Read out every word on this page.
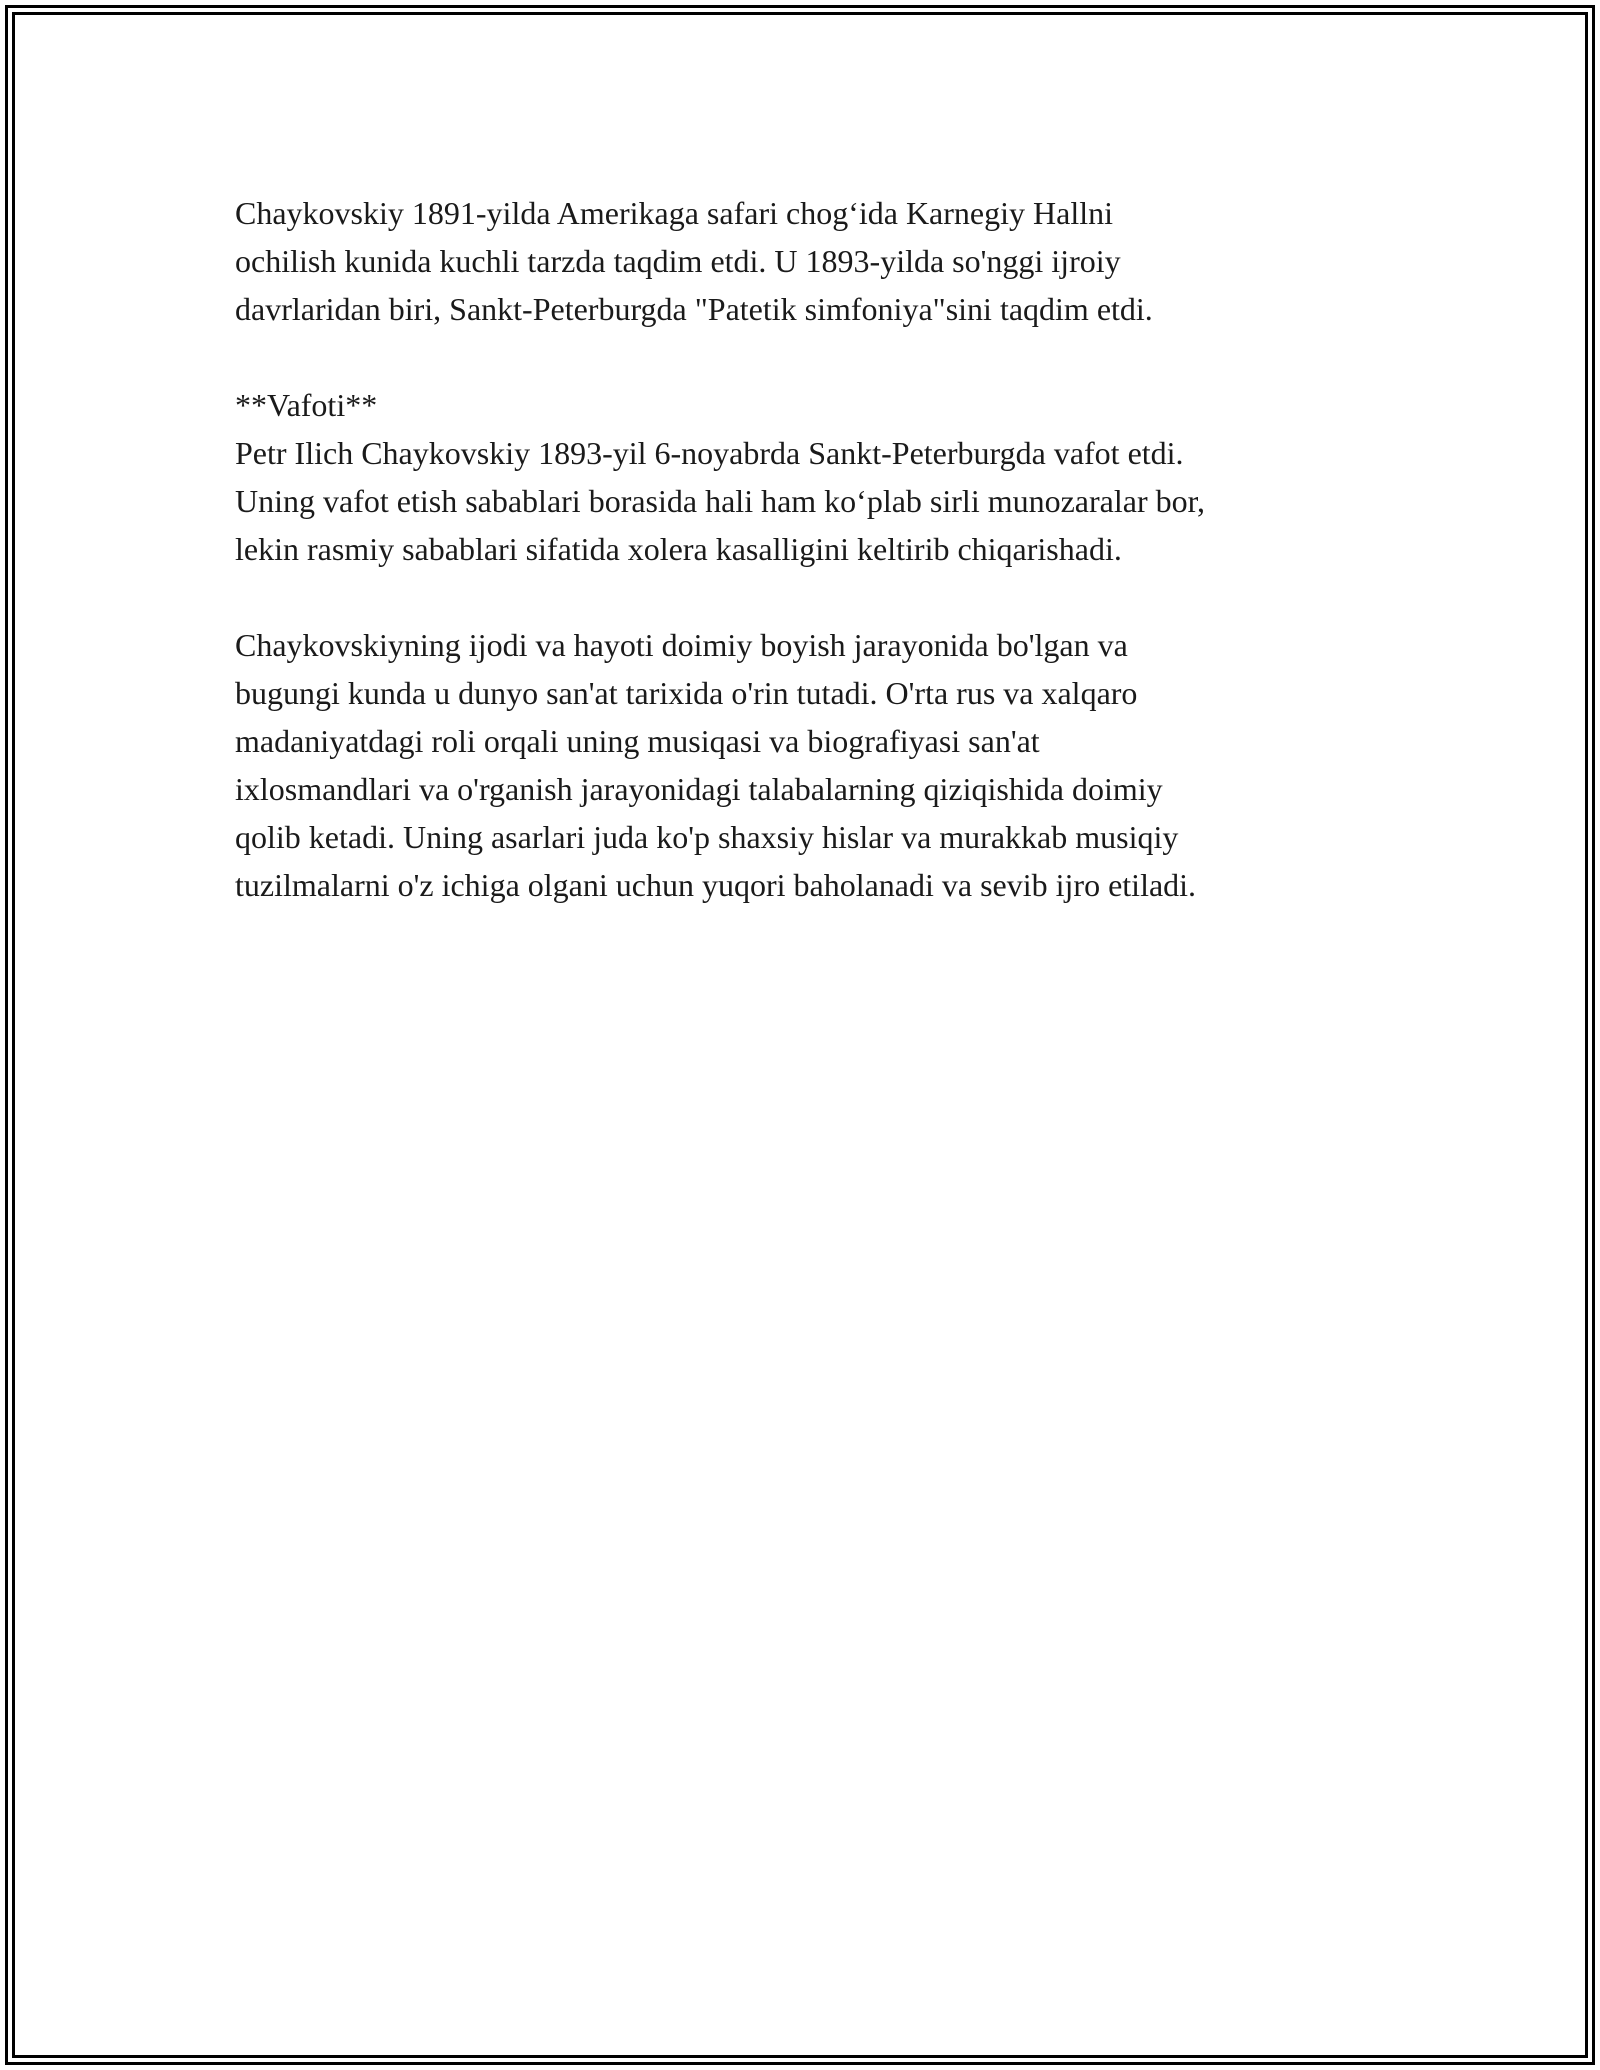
Chaykovskiy 1891-yilda Amerikaga safari chog‘ida Karnegiy Hallni
ochilish kunida kuchli tarzda taqdim etdi. U 1893-yilda so'nggi ijroiy
davrlaridan biri, Sankt-Peterburgda "Patetik simfoniya"sini taqdim etdi.

**Vafoti**

Petr Ilich Chaykovskiy 1893-yil 6-noyabrda Sankt-Peterburgda vafot etdi.
Uning vafot etish sabablari borasida hali ham ko‘plab sirli munozaralar bor,
lekin rasmiy sabablari sifatida xolera kasalligini keltirib chiqarishadi.

Chaykovskiyning ijodi va hayoti doimiy boyish jarayonida bo'lgan va
bugungi kunda u dunyo san'at tarixida o'rin tutadi. O'rta rus va xalqaro
madaniyatdagi roli orqali uning musiqasi va biografiyasi san'at
ixlosmandlari va o'rganish jarayonidagi talabalarning qiziqishida doimiy
qolib ketadi. Uning asarlari juda ko'p shaxsiy hislar va murakkab musiqiy
tuzilmalarni o'z ichiga olgani uchun yuqori baholanadi va sevib ijro etiladi.
